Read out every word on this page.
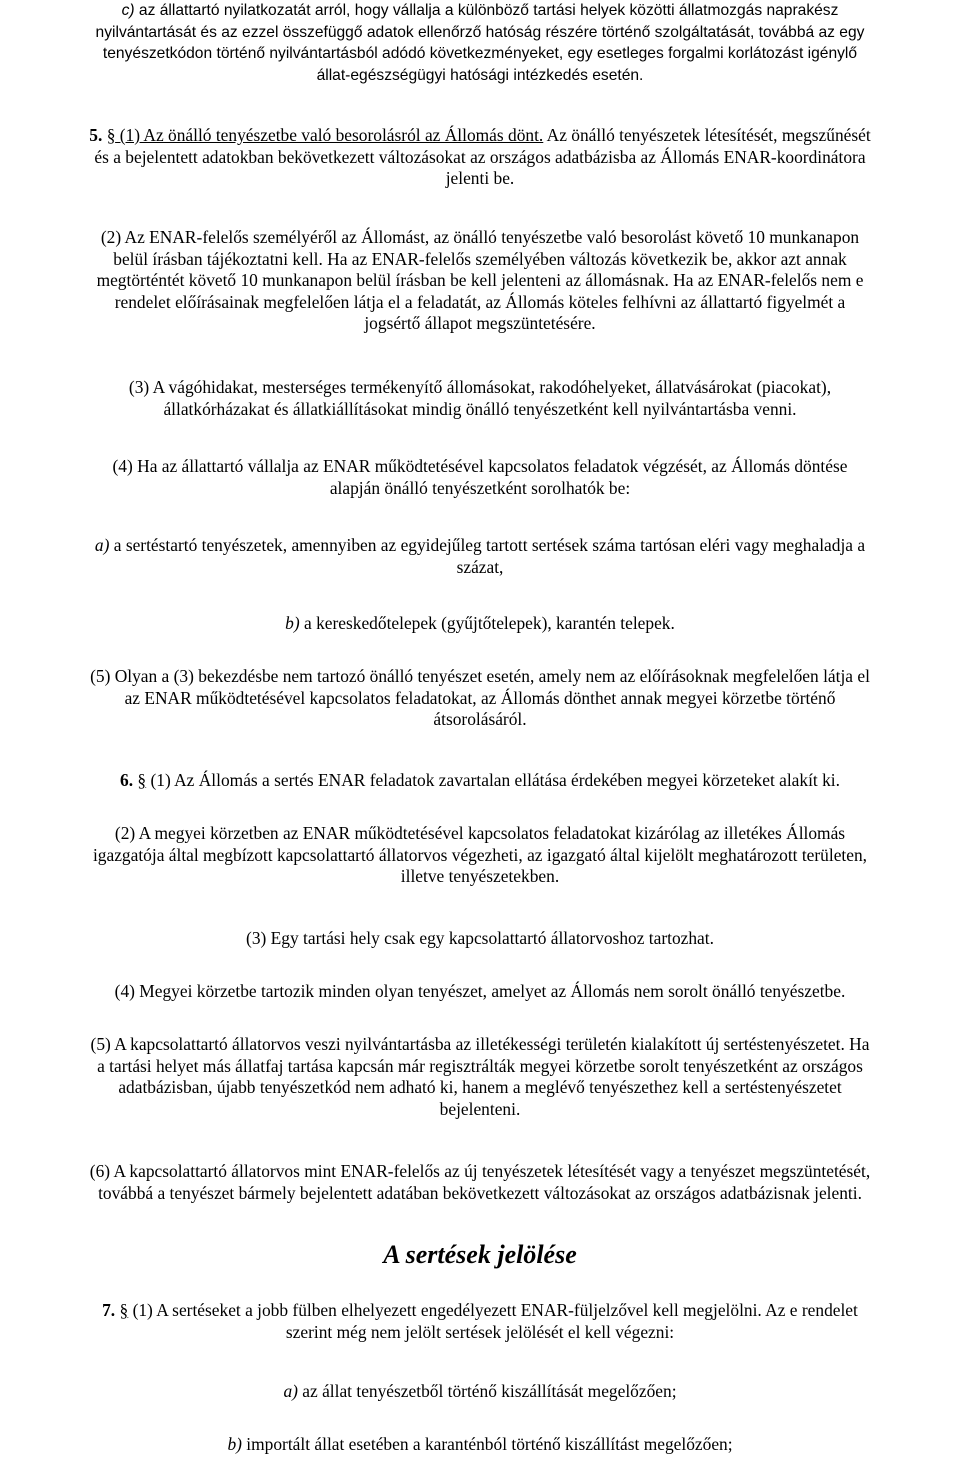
c) az állattartó nyilatkozatát arról, hogy vállalja a különböző tartási helyek közötti állatmozgás naprakész
nyilvántartását és az ezzel összefüggő adatok ellenőrző hatóság részére történő szolgáltatását, továbbá az egy
tenyészetkódon történő nyilvántartásból adódó következményeket, egy esetleges forgalmi korlátozást igénylő
állat-egészségügyi hatósági intézkedés esetén.
5. § (1) Az önálló tenyészetbe való besorolásról az Állomás dönt. Az önálló tenyészetek létesítését, megszűnését
és a bejelentett adatokban bekövetkezett változásokat az országos adatbázisba az Állomás ENAR-koordinátora
jelenti be.
(2) Az ENAR-felelős személyéről az Állomást, az önálló tenyészetbe való besorolást követő 10 munkanapon
belül írásban tájékoztatni kell. Ha az ENAR-felelős személyében változás következik be, akkor azt annak
megtörténtét követő 10 munkanapon belül írásban be kell jelenteni az állomásnak. Ha az ENAR-felelős nem e
rendelet előírásainak megfelelően látja el a feladatát, az Állomás köteles felhívni az állattartó figyelmét a
jogsértő állapot megszüntetésére.
(3) A vágóhidakat, mesterséges termékenyítő állomásokat, rakodóhelyeket, állatvásárokat (piacokat),
állatkórházakat és állatkiállításokat mindig önálló tenyészetként kell nyilvántartásba venni.
(4) Ha az állattartó vállalja az ENAR működtetésével kapcsolatos feladatok végzését, az Állomás döntése
alapján önálló tenyészetként sorolhatók be:
a) a sertéstartó tenyészetek, amennyiben az egyidejűleg tartott sertések száma tartósan eléri vagy meghaladja a
százat,
b) a kereskedőtelepek (gyűjtőtelepek), karantén telepek.
(5) Olyan a (3) bekezdésbe nem tartozó önálló tenyészet esetén, amely nem az előírásoknak megfelelően látja el
az ENAR működtetésével kapcsolatos feladatokat, az Állomás dönthet annak megyei körzetbe történő
átsorolásáról.
6. § (1) Az Állomás a sertés ENAR feladatok zavartalan ellátása érdekében megyei körzeteket alakít ki.
(2) A megyei körzetben az ENAR működtetésével kapcsolatos feladatokat kizárólag az illetékes Állomás
igazgatója által megbízott kapcsolattartó állatorvos végezheti, az igazgató által kijelölt meghatározott területen,
illetve tenyészetekben.
(3) Egy tartási hely csak egy kapcsolattartó állatorvoshoz tartozhat.
(4) Megyei körzetbe tartozik minden olyan tenyészet, amelyet az Állomás nem sorolt önálló tenyészetbe.
(5) A kapcsolattartó állatorvos veszi nyilvántartásba az illetékességi területén kialakított új sertéstenyészetet. Ha
a tartási helyet más állatfaj tartása kapcsán már regisztrálták megyei körzetbe sorolt tenyészetként az országos
adatbázisban, újabb tenyészetkód nem adható ki, hanem a meglévő tenyészethez kell a sertéstenyészetet
bejelenteni.
(6) A kapcsolattartó állatorvos mint ENAR-felelős az új tenyészetek létesítését vagy a tenyészet megszüntetését,
továbbá a tenyészet bármely bejelentett adatában bekövetkezett változásokat az országos adatbázisnak jelenti.
A sertések jelölése
7. § (1) A sertéseket a jobb fülben elhelyezett engedélyezett ENAR-füljelzővel kell megjelölni. Az e rendelet
szerint még nem jelölt sertések jelölését el kell végezni:
a) az állat tenyészetből történő kiszállítását megelőzően;
b) importált állat esetében a karanténból történő kiszállítást megelőzően;
